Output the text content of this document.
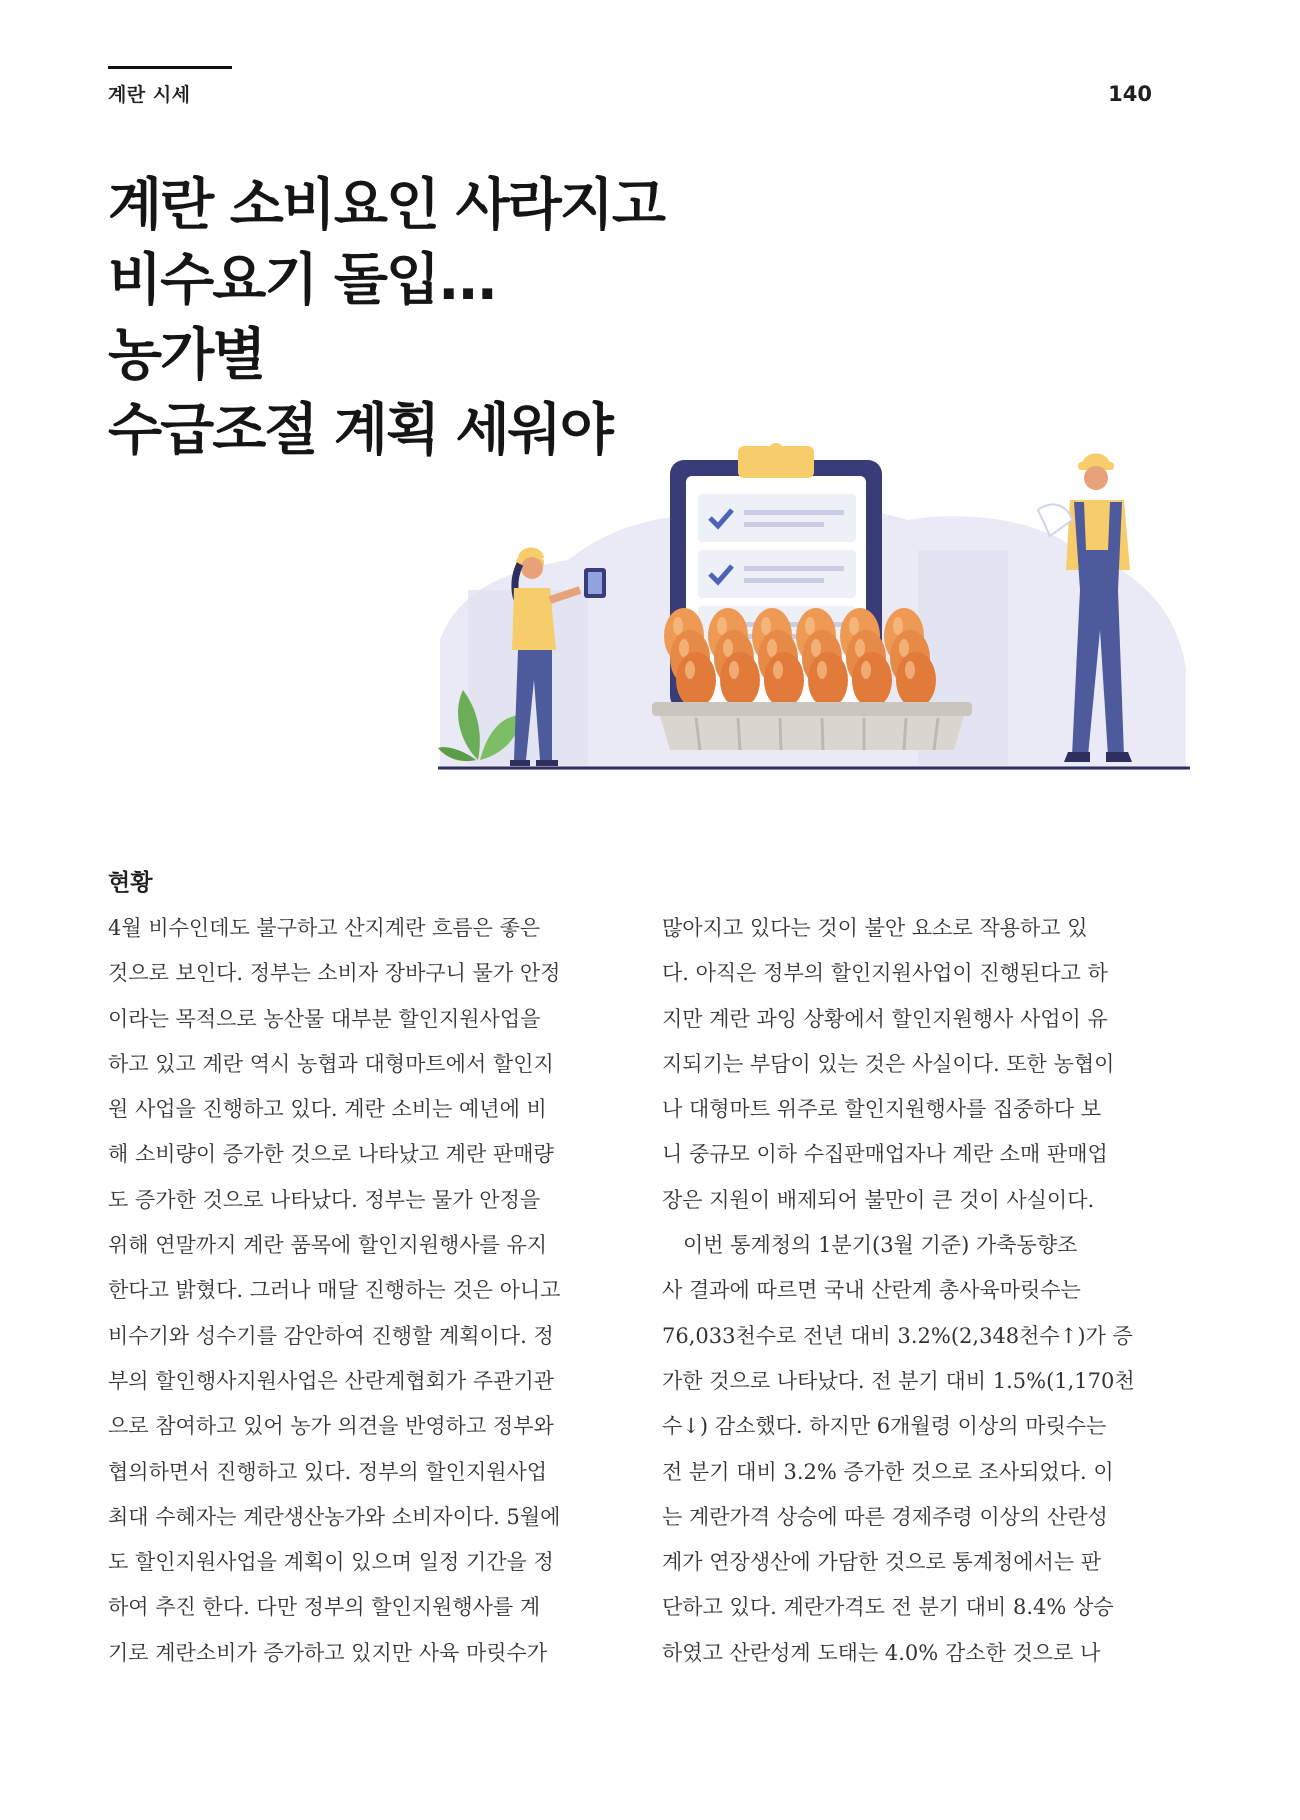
계란 시세	140
계란 소비요인 사라지고
비수요기 돌입...
농가별
수급조절 계획 세워야
현황
4월 비수인데도 불구하고 산지계란 흐름은 좋은
것으로 보인다. 정부는 소비자 장바구니 물가 안정
이라는 목적으로 농산물 대부분 할인지원사업을
하고 있고 계란 역시 농협과 대형마트에서 할인지
원 사업을 진행하고 있다. 계란 소비는 예년에 비
해 소비량이 증가한 것으로 나타났고 계란 판매량
도 증가한 것으로 나타났다. 정부는 물가 안정을
위해 연말까지 계란 품목에 할인지원행사를 유지
한다고 밝혔다. 그러나 매달 진행하는 것은 아니고
비수기와 성수기를 감안하여 진행할 계획이다. 정
부의 할인행사지원사업은 산란계협회가 주관기관
으로 참여하고 있어 농가 의견을 반영하고 정부와
협의하면서 진행하고 있다. 정부의 할인지원사업
최대 수혜자는 계란생산농가와 소비자이다. 5월에
도 할인지원사업을 계획이 있으며 일정 기간을 정
하여 추진 한다. 다만 정부의 할인지원행사를 계
기로 계란소비가 증가하고 있지만 사육 마릿수가
많아지고 있다는 것이 불안 요소로 작용하고 있
다. 아직은 정부의 할인지원사업이 진행된다고 하
지만 계란 과잉 상황에서 할인지원행사 사업이 유
지되기는 부담이 있는 것은 사실이다. 또한 농협이
나 대형마트 위주로 할인지원행사를 집중하다 보
니 중규모 이하 수집판매업자나 계란 소매 판매업
장은 지원이 배제되어 불만이 큰 것이 사실이다.
　이번 통계청의 1분기(3월 기준) 가축동향조
사 결과에 따르면 국내 산란계 총사육마릿수는
76,033천수로 전년 대비 3.2%(2,348천수↑)가 증
가한 것으로 나타났다. 전 분기 대비 1.5%(1,170천
수↓) 감소했다. 하지만 6개월령 이상의 마릿수는
전 분기 대비 3.2% 증가한 것으로 조사되었다. 이
는 계란가격 상승에 따른 경제주령 이상의 산란성
계가 연장생산에 가담한 것으로 통계청에서는 판
단하고 있다. 계란가격도 전 분기 대비 8.4% 상승
하였고 산란성계 도태는 4.0% 감소한 것으로 나
